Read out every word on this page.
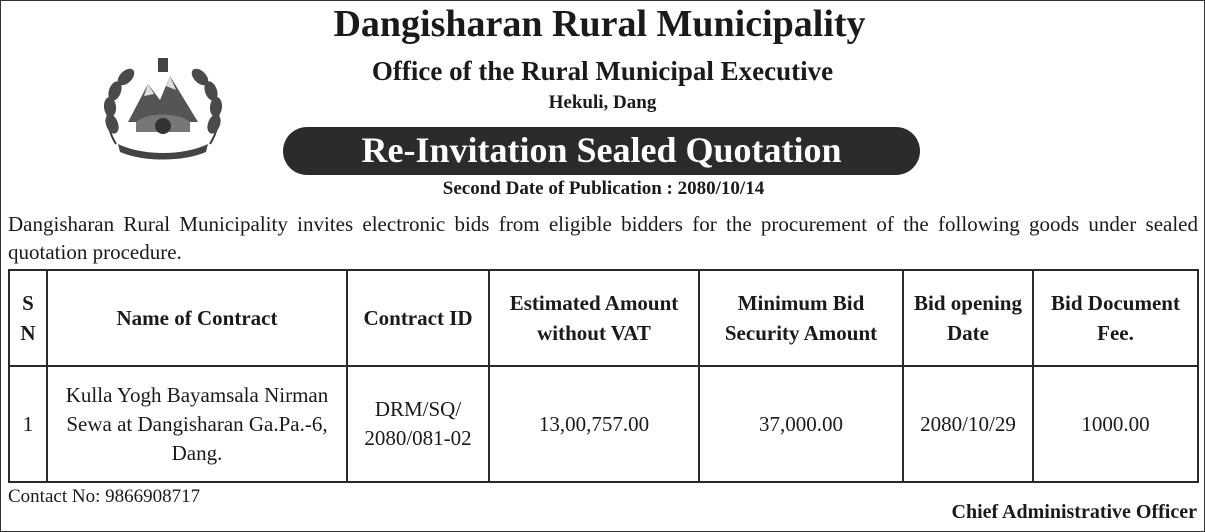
Dangisharan Rural Municipality
Office of the Rural Municipal Executive
Hekuli, Dang
Re-Invitation Sealed Quotation
Second Date of Publication : 2080/10/14

Dangisharan Rural Municipality invites electronic bids from eligible bidders for the procurement of the following goods under sealed quotation procedure.

S N	Name of Contract	Contract ID	Estimated Amount without VAT	Minimum Bid Security Amount	Bid opening Date	Bid Document Fee.
1	Kulla Yogh Bayamsala Nirman Sewa at Dangisharan Ga.Pa.-6, Dang.	DRM/SQ/ 2080/081-02	13,00,757.00	37,000.00	2080/10/29	1000.00
Contact No: 9866908717
Chief Administrative Officer
